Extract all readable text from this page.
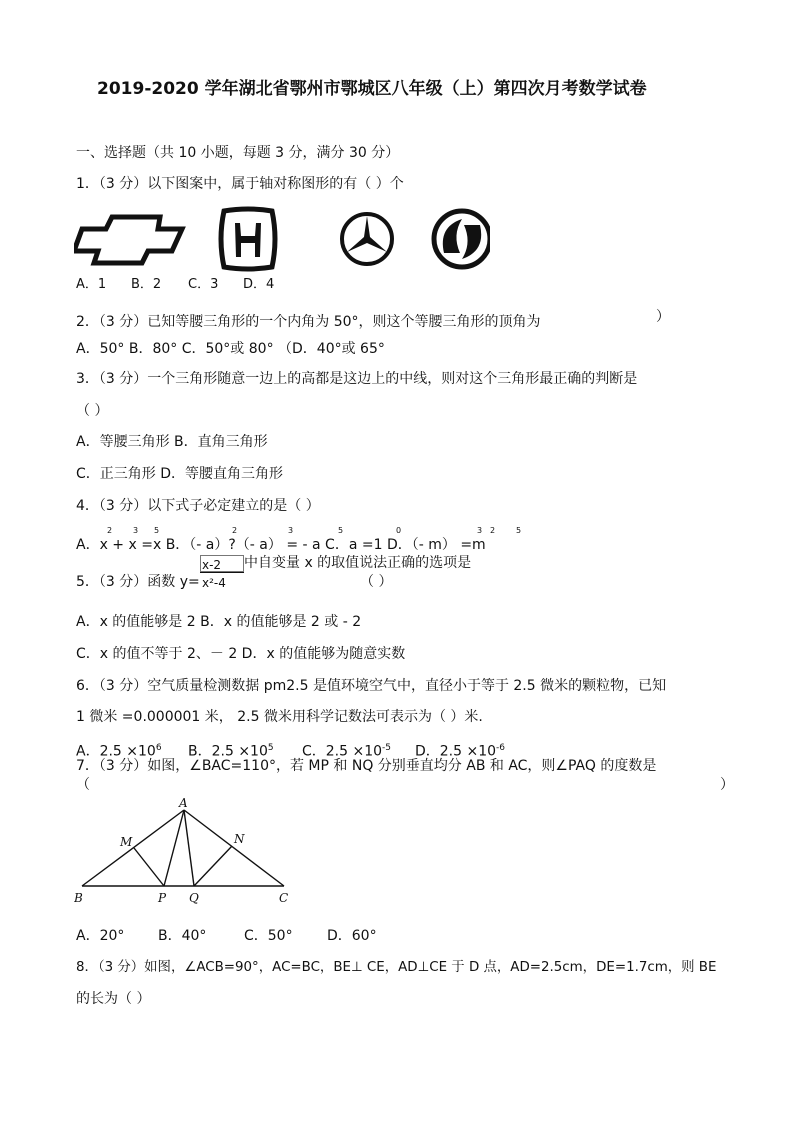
2019-2020 学年湖北省鄂州市鄂城区八年级（上）第四次月考数学试卷
一、选择题（共 10 小题，每题 3 分，满分 30 分）
1．（3 分）以下图案中，属于轴对称图形的有（ ）个
A．1 B．2 C．3 D．4
2．（3 分）已知等腰三角形的一个内角为 50°，则这个等腰三角形的顶角为	）
A．50° B．80° C．50°或 80° （D．40°或 65°
3．（3 分）一个三角形随意一边上的高都是这边上的中线，则对这个三角形最正确的判断是
（ ）
A．等腰三角形 B．直角三角形
C．正三角形 D．等腰直角三角形
4．（3 分）以下式子必定建立的是（ ）
A．x + x =x B．（- a）?（- a） = - a C．a =1 D．（- m） =m
2	3 5	2	3	5	0	3 2	5
5．（3 分）函数 y=
x-2
x²-4
中自变量 x 的取值说法正确的选项是
（ ）
A．x 的值能够是 2 B．x 的值能够是 2 或 - 2
C．x 的值不等于 2、－ 2 D．x 的值能够为随意实数
6．（3 分）空气质量检测数据 pm2.5 是值环境空气中，直径小于等于 2.5 微米的颗粒物，已知
1 微米 =0.000001 米， 2.5 微米用科学记数法可表示为（ ）米.
A．$2.5 \times 10^6$ B．$2.5 \times 10^5$ C．$2.5 \times 10^{-5}$ D．$2.5 \times 10^{-6}$
7．（3 分）如图，∠BAC=110°，若 MP 和 NQ 分别垂直均分 AB 和 AC，则∠PAQ 的度数是
（	）
A
M	N
B	P Q	C
A．20° B．40°	C．50° D．60°
8．（3 分）如图，∠ACB=90°，AC=BC，BE⊥ CE，AD⊥CE 于 D 点，AD=2.5cm，DE=1.7cm，则 BE
的长为（ ）
